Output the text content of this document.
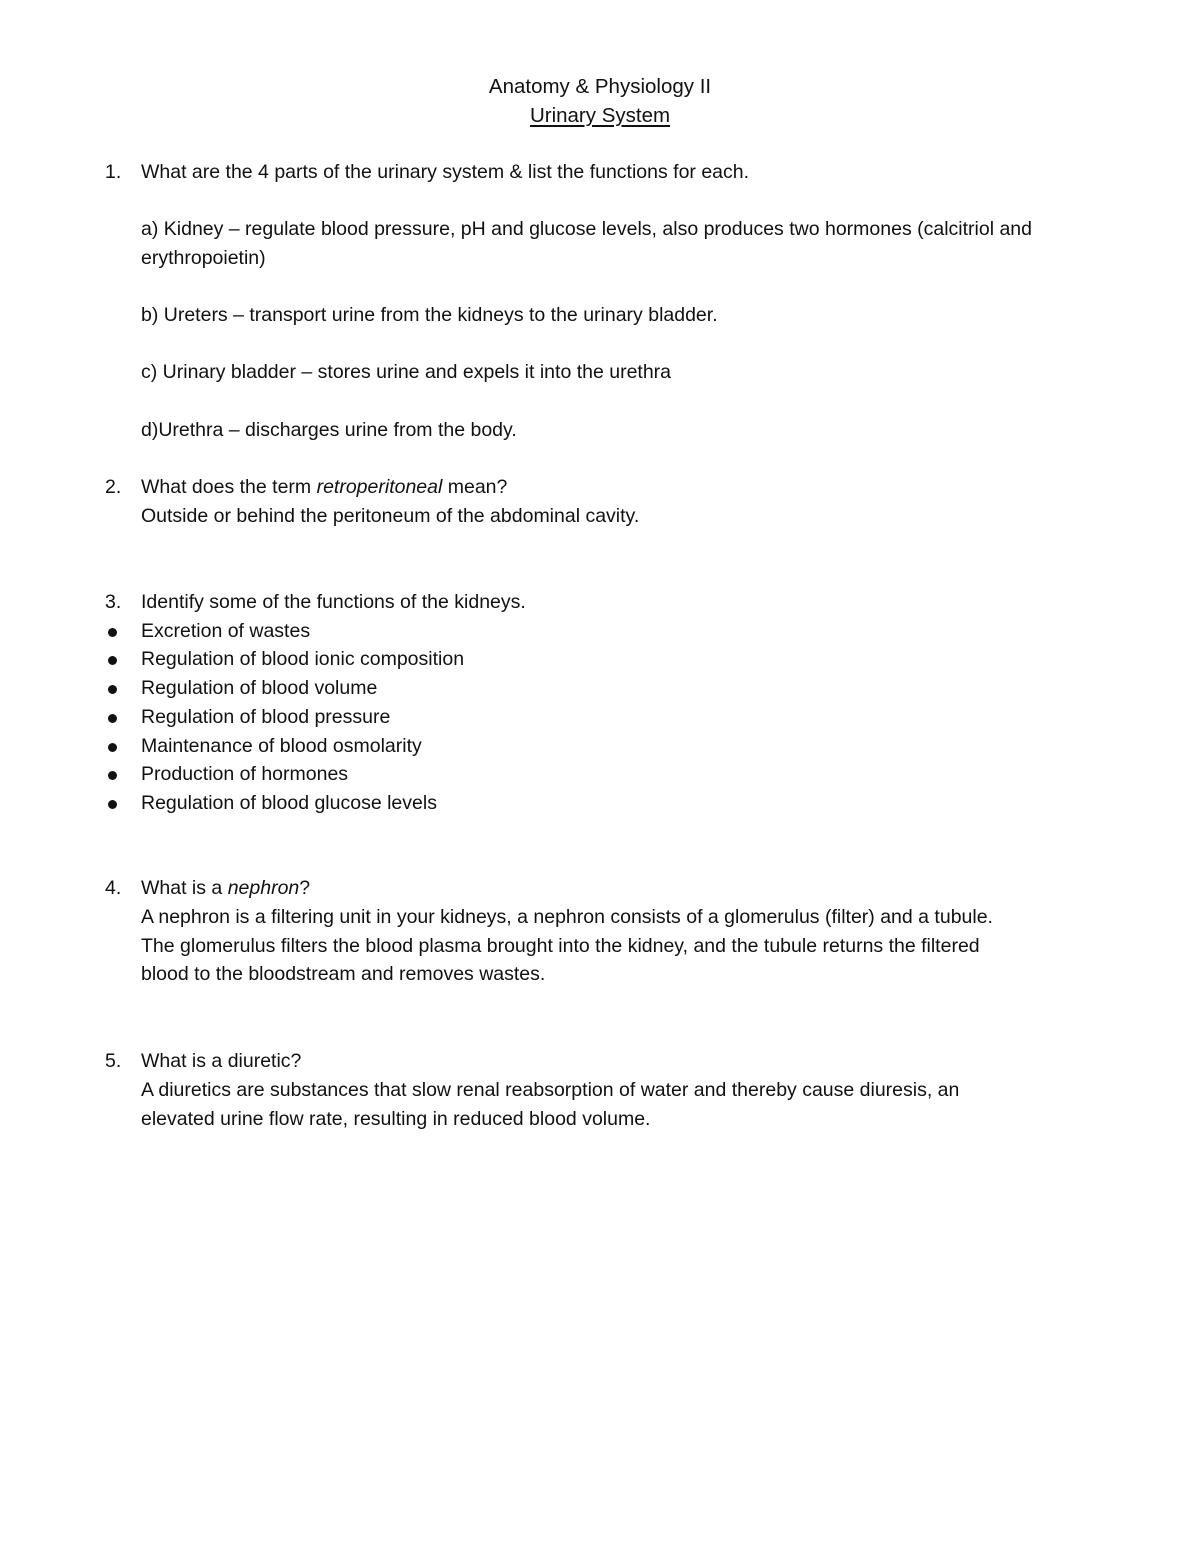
Anatomy & Physiology II
Urinary System
1.	What are the 4 parts of the urinary system & list the functions for each.
a) Kidney – regulate blood pressure, pH and glucose levels, also produces two hormones (calcitriol and erythropoietin)
b) Ureters – transport urine from the kidneys to the urinary bladder.
c) Urinary bladder – stores urine and expels it into the urethra
d)Urethra – discharges urine from the body.
2.	What does the term retroperitoneal mean?
Outside or behind the peritoneum of the abdominal cavity.
3.	Identify some of the functions of the kidneys.
Excretion of wastes
Regulation of blood ionic composition
Regulation of blood volume
Regulation of blood pressure
Maintenance of blood osmolarity
Production of hormones
Regulation of blood glucose levels
4.	What is a nephron?
A nephron is a filtering unit in your kidneys, a nephron consists of a glomerulus (filter) and a tubule.
The glomerulus filters the blood plasma brought into the kidney, and the tubule returns the filtered
blood to the bloodstream and removes wastes.
5.	What is a diuretic?
A diuretics are substances that slow renal reabsorption of water and thereby cause diuresis, an
elevated urine flow rate, resulting in reduced blood volume.
